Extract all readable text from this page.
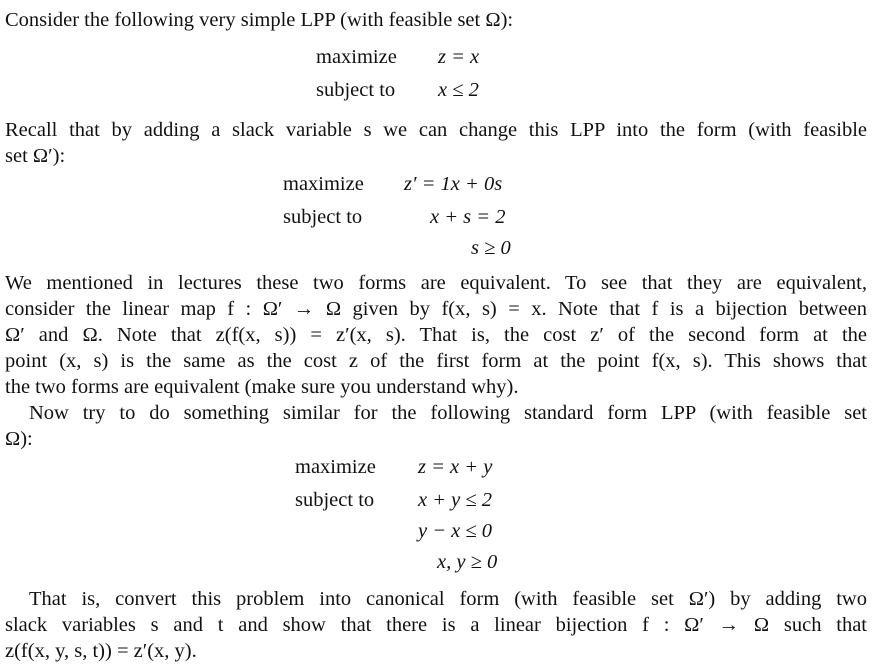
Consider the following very simple LPP (with feasible set Ω):
maximize z = x
subject to x ≤ 2
Recall that by adding a slack variable s we can change this LPP into the form (with feasible
set Ω′):
maximize z′ = 1x + 0s
subject to	x + s = 2
s ≥ 0
We mentioned in lectures these two forms are equivalent. To see that they are equivalent,
consider the linear map f : Ω′ → Ω given by f(x, s) = x. Note that f is a bijection between
Ω′ and Ω. Note that z(f(x, s)) = z′(x, s). That is, the cost z′ of the second form at the
point (x, s) is the same as the cost z of the first form at the point f(x, s). This shows that
the two forms are equivalent (make sure you understand why).
Now try to do something similar for the following standard form LPP (with feasible set
Ω):
maximize z = x + y
subject to x + y ≤ 2
y − x ≤ 0
x, y ≥ 0
That is, convert this problem into canonical form (with feasible set Ω′) by adding two
slack variables s and t and show that there is a linear bijection f : Ω′ → Ω such that
z(f(x, y, s, t)) = z′(x, y).
